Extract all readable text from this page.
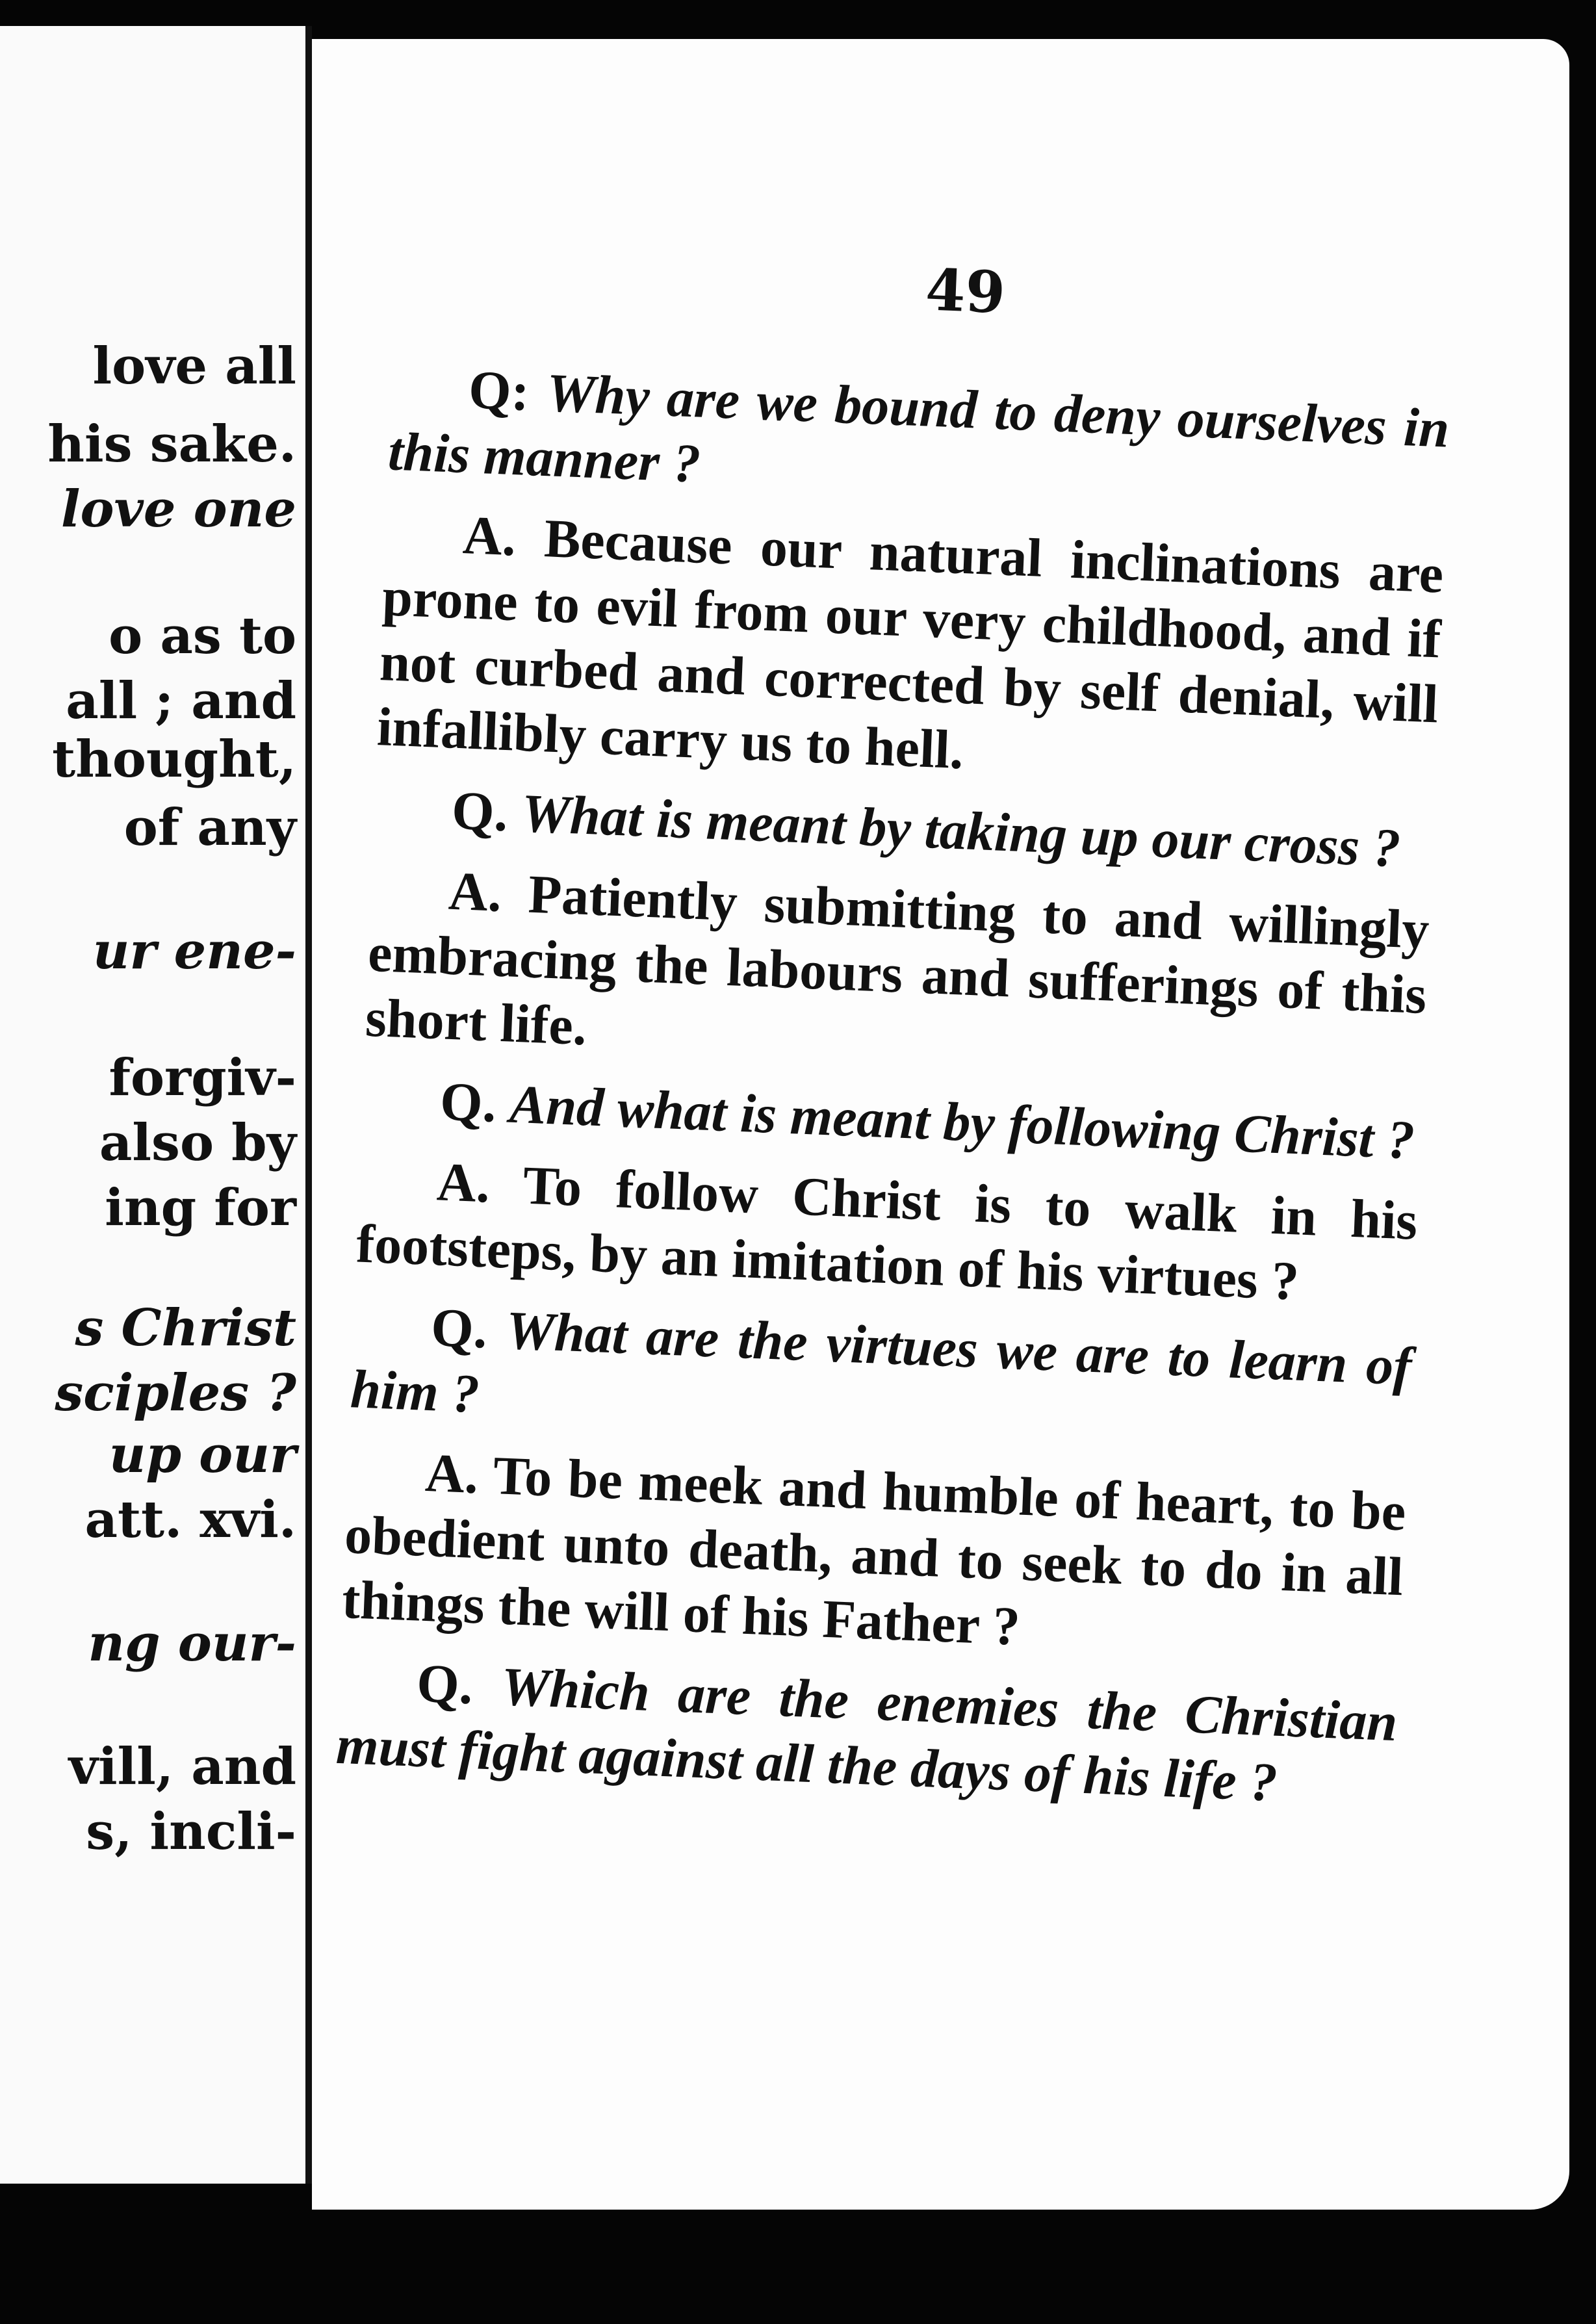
love all
his sake.
love one
o as to
all ; and
thought,
of any
ur ene-
forgiv-
also by
ing for
s Christ
sciples ?
up our
att. xvi.
ng our-
vill, and
s, incli-
49

Q: Why are we bound to deny ourselves in this manner ?

A. Because our natural inclinations are prone to evil from our very childhood, and if not curbed and corrected by self denial, will infallibly carry us to hell.

Q. What is meant by taking up our cross ?

A. Patiently submitting to and willingly embracing the labours and sufferings of this short life.

Q. And what is meant by following Christ ?

A. To follow Christ is to walk in his footsteps, by an imitation of his virtues ?

Q. What are the virtues we are to learn of him ?

A. To be meek and humble of heart, to be obedient unto death, and to seek to do in all things the will of his Father ?

Q. Which are the enemies the Christian must fight against all the days of his life ?
